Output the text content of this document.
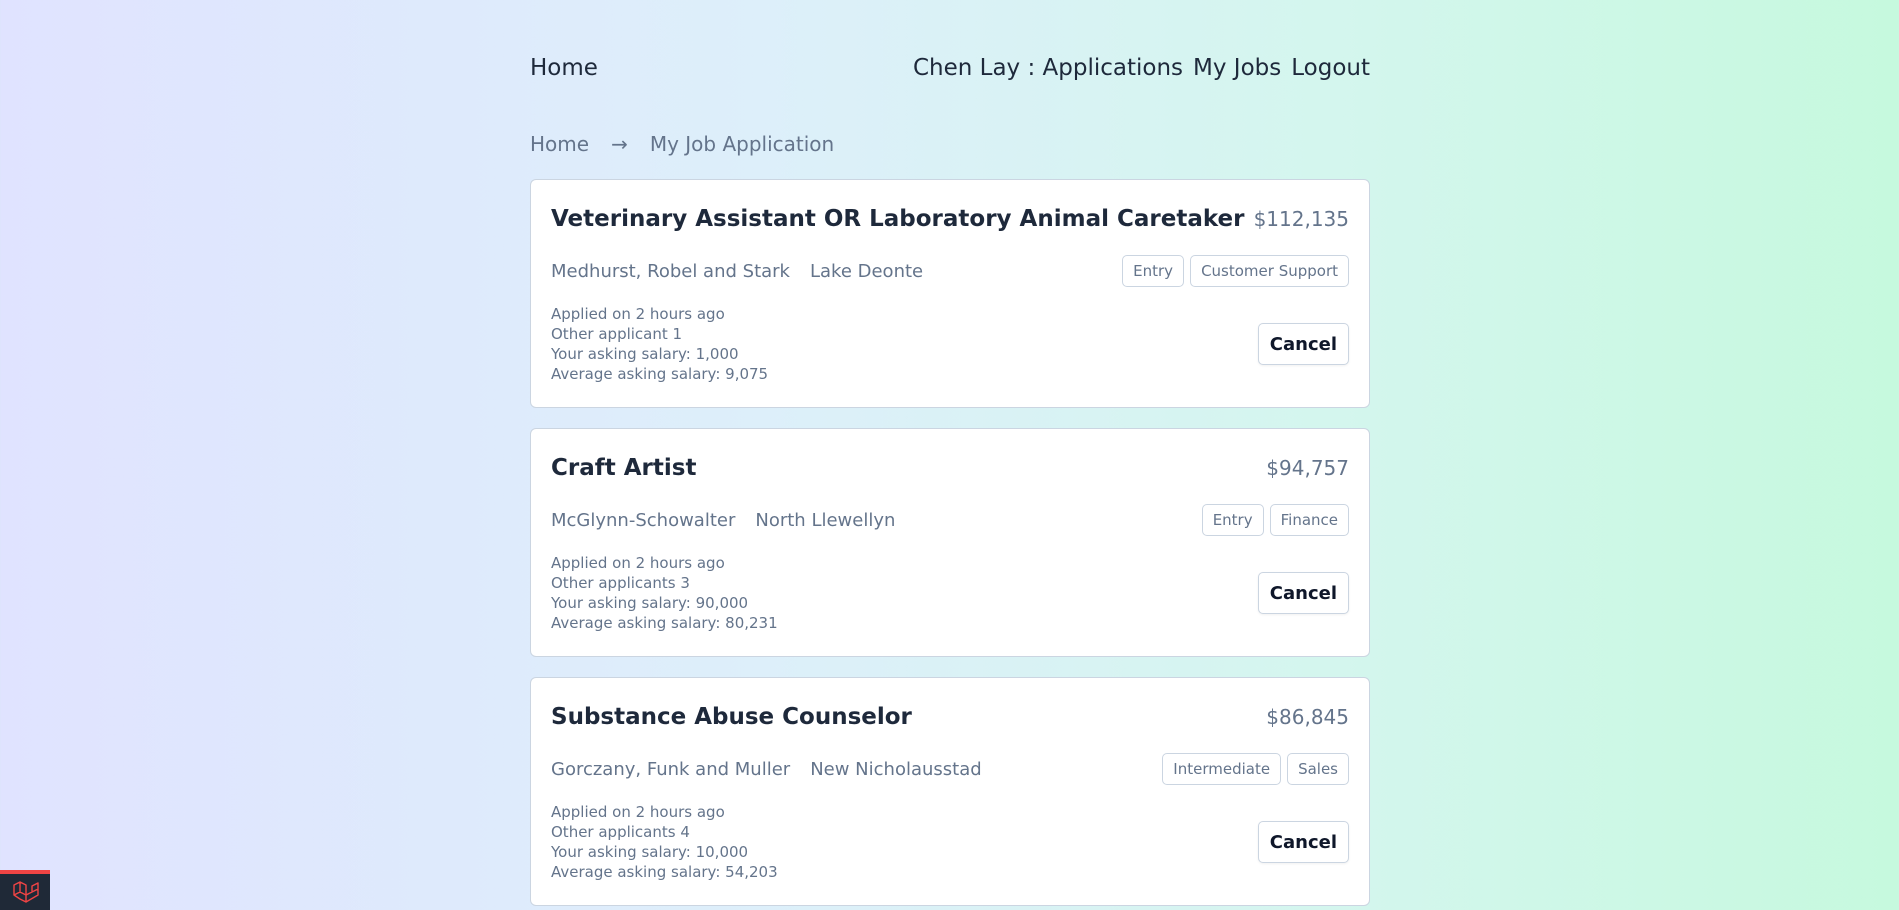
Home	Chen Lay : Applications My Jobs Logout
Home	→	My Job Application
Veterinary Assistant OR Laboratory Animal Caretaker $112,135
Medhurst, Robel and Stark Lake Deonte	Entry	Customer Support
Applied on 2 hours ago
Other applicant 1
Your asking salary: 1,000
Average asking salary: 9,075
Cancel
Craft Artist	$94,757
McGlynn-Schowalter North Llewellyn	Entry	Finance
Applied on 2 hours ago
Other applicants 3
Your asking salary: 90,000
Average asking salary: 80,231
Cancel
Substance Abuse Counselor	$86,845
Gorczany, Funk and Muller New Nicholausstad	Intermediate	Sales
Applied on 2 hours ago
Other applicants 4
Your asking salary: 10,000
Average asking salary: 54,203
Cancel
